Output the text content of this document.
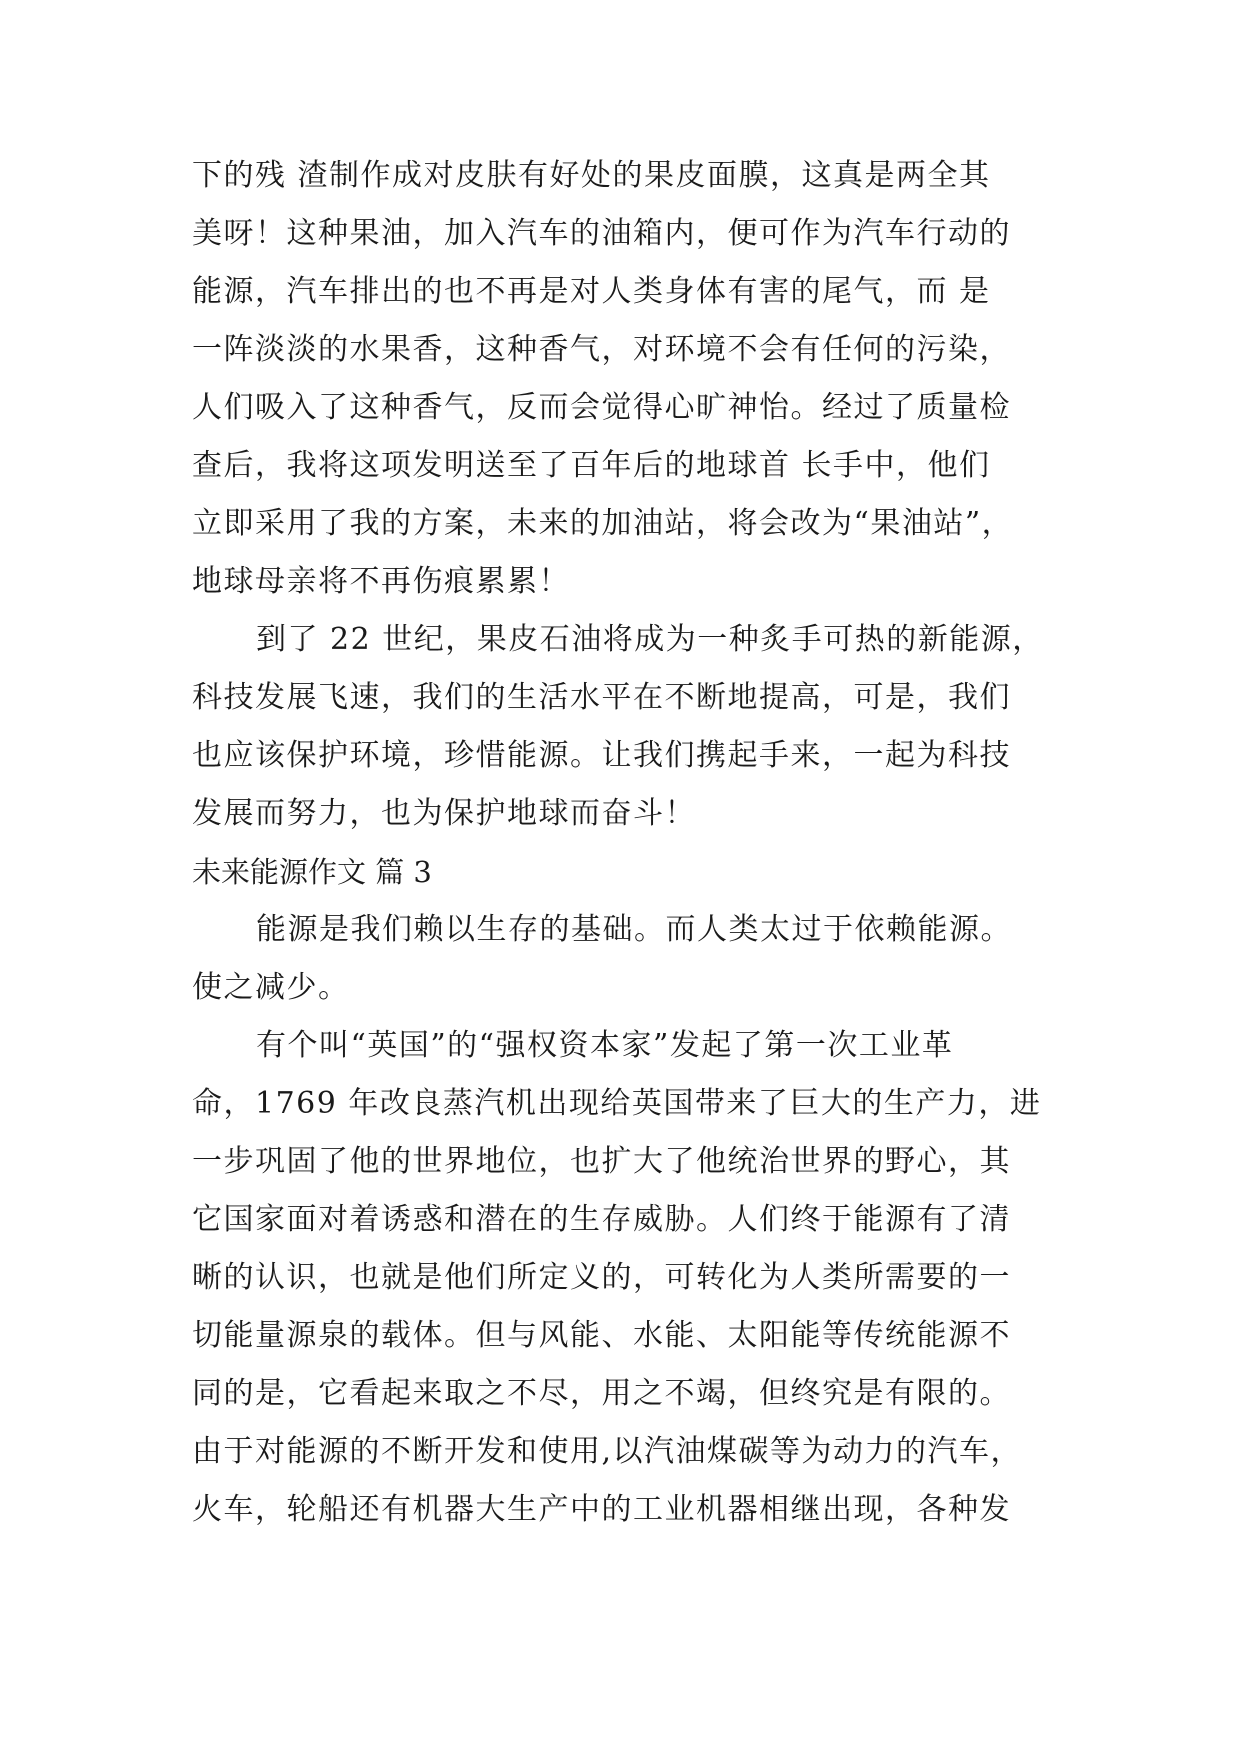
下的残 渣制作成对皮肤有好处的果皮面膜，这真是两全其
美呀！这种果油，加入汽车的油箱内，便可作为汽车行动的
能源，汽车排出的也不再是对人类身体有害的尾气，而 是
一阵淡淡的水果香，这种香气，对环境不会有任何的污染，
人们吸入了这种香气，反而会觉得心旷神怡。经过了质量检
查后，我将这项发明送至了百年后的地球首 长手中，他们
立即采用了我的方案，未来的加油站，将会改为“果油站”，
地球母亲将不再伤痕累累！
到了 22 世纪，果皮石油将成为一种炙手可热的新能源，
科技发展飞速，我们的生活水平在不断地提高，可是，我们
也应该保护环境，珍惜能源。让我们携起手来，一起为科技
发展而努力，也为保护地球而奋斗！
未来能源作文 篇 3
能源是我们赖以生存的基础。而人类太过于依赖能源。
使之减少。
有个叫“英国”的“强权资本家”发起了第一次工业革
命，1769 年改良蒸汽机出现给英国带来了巨大的生产力，进
一步巩固了他的世界地位，也扩大了他统治世界的野心，其
它国家面对着诱惑和潜在的生存威胁。人们终于能源有了清
晰的认识，也就是他们所定义的，可转化为人类所需要的一
切能量源泉的载体。但与风能、水能、太阳能等传统能源不
同的是，它看起来取之不尽，用之不竭，但终究是有限的。
由于对能源的不断开发和使用,以汽油煤碳等为动力的汽车，
火车，轮船还有机器大生产中的工业机器相继出现，各种发
